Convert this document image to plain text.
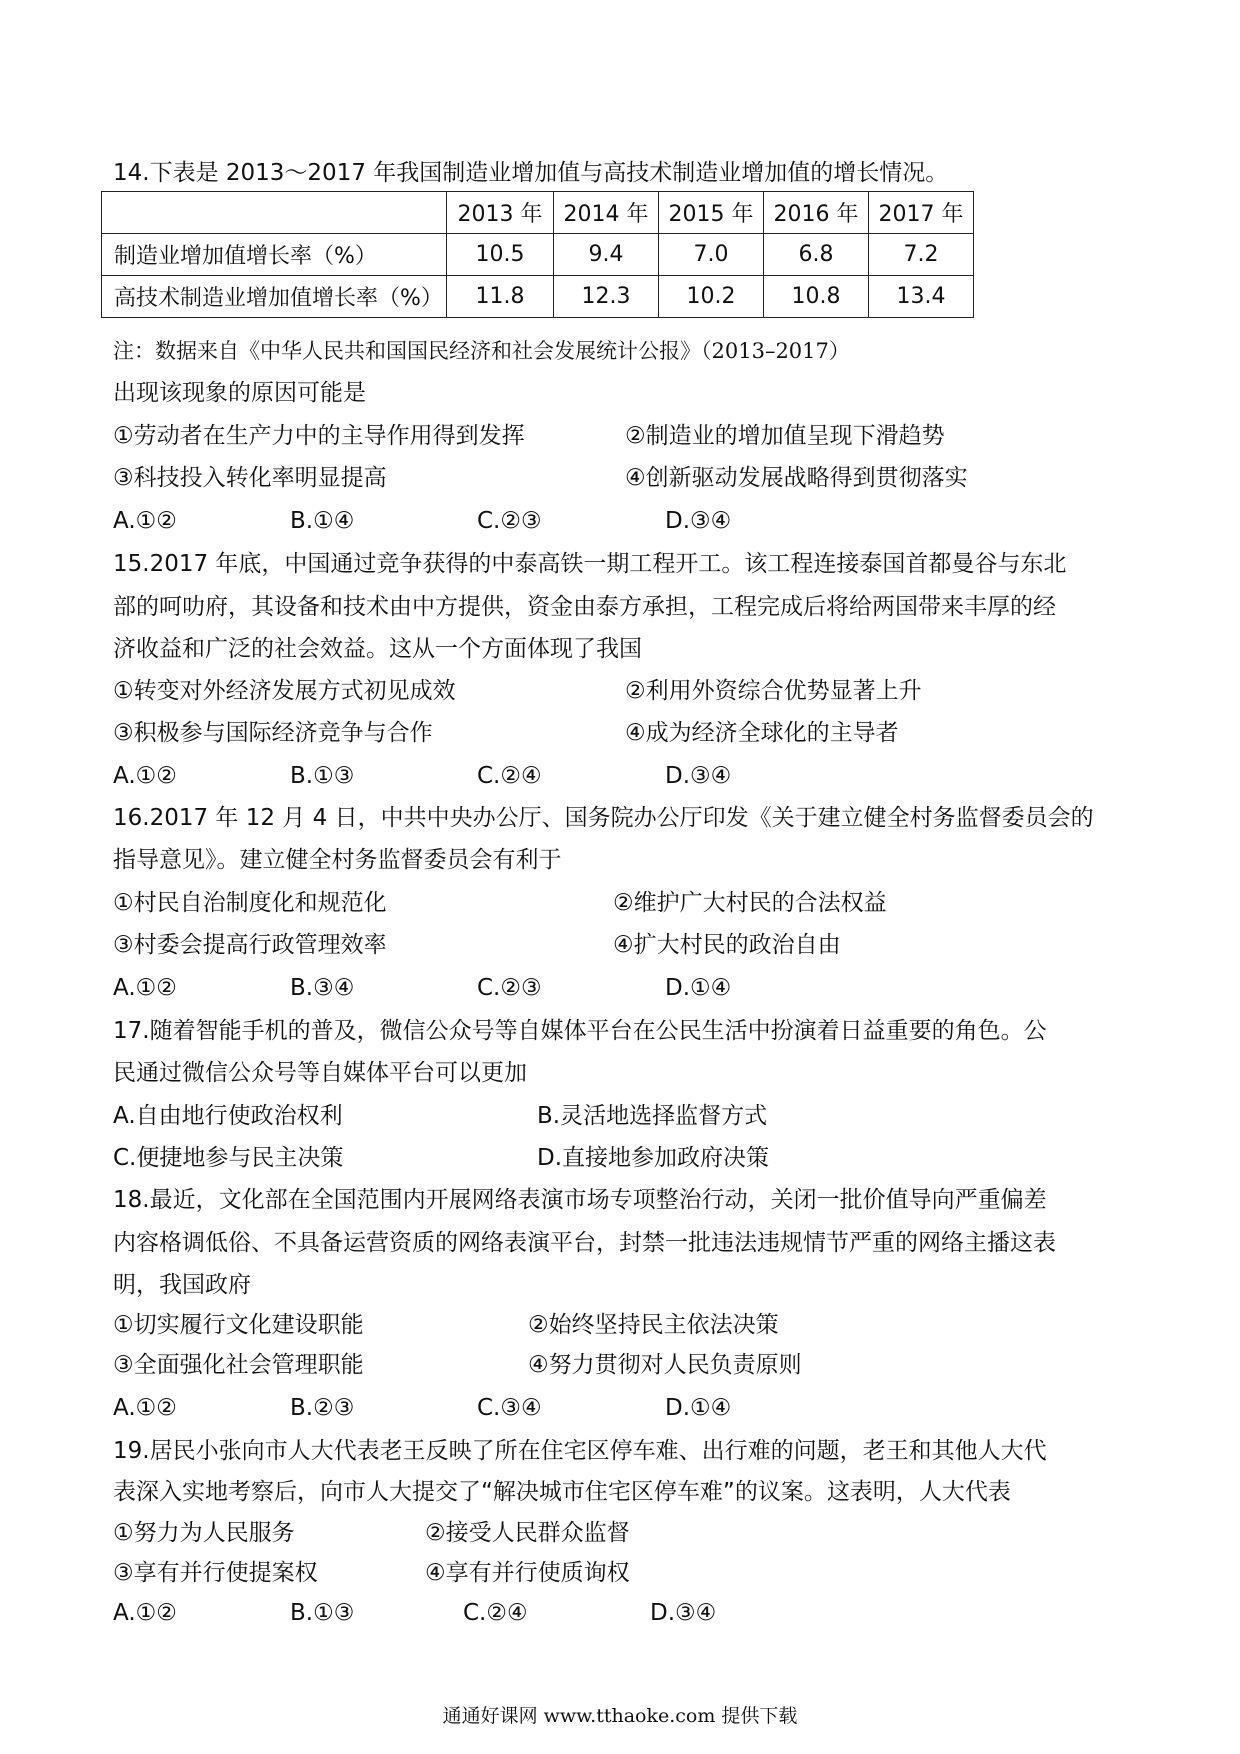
14.下表是 2013～2017 年我国制造业增加值与高技术制造业增加值的增长情况。
	2013 年	2014 年	2015 年	2016 年	2017 年
制造业增加值增长率（%）	10.5	9.4	7.0	6.8	7.2
高技术制造业增加值增长率（%）	11.8	12.3	10.2	10.8	13.4
注：数据来自《中华人民共和国国民经济和社会发展统计公报》（2013–2017）
出现该现象的原因可能是
①劳动者在生产力中的主导作用得到发挥	②制造业的增加值呈现下滑趋势
③科技投入转化率明显提高	④创新驱动发展战略得到贯彻落实
A.①②	B.①④	C.②③	D.③④
15.2017 年底，中国通过竞争获得的中泰高铁一期工程开工。该工程连接泰国首都曼谷与东北
部的呵叻府，其设备和技术由中方提供，资金由泰方承担，工程完成后将给两国带来丰厚的经
济收益和广泛的社会效益。这从一个方面体现了我国
①转变对外经济发展方式初见成效	②利用外资综合优势显著上升
③积极参与国际经济竞争与合作	④成为经济全球化的主导者
A.①②	B.①③	C.②④	D.③④
16.2017 年 12 月 4 日，中共中央办公厅、国务院办公厅印发《关于建立健全村务监督委员会的
指导意见》。建立健全村务监督委员会有利于
①村民自治制度化和规范化	②维护广大村民的合法权益
③村委会提高行政管理效率	④扩大村民的政治自由
A.①②	B.③④	C.②③	D.①④
17.随着智能手机的普及，微信公众号等自媒体平台在公民生活中扮演着日益重要的角色。公
民通过微信公众号等自媒体平台可以更加
A.自由地行使政治权利	B.灵活地选择监督方式
C.便捷地参与民主决策	D.直接地参加政府决策
18.最近，文化部在全国范围内开展网络表演市场专项整治行动，关闭一批价值导向严重偏差
内容格调低俗、不具备运营资质的网络表演平台，封禁一批违法违规情节严重的网络主播这表
明，我国政府
①切实履行文化建设职能	②始终坚持民主依法决策
③全面强化社会管理职能	④努力贯彻对人民负责原则
A.①②	B.②③	C.③④	D.①④
19.居民小张向市人大代表老王反映了所在住宅区停车难、出行难的问题，老王和其他人大代
表深入实地考察后，向市人大提交了“解决城市住宅区停车难”的议案。这表明，人大代表
①努力为人民服务	②接受人民群众监督
③享有并行使提案权	④享有并行使质询权
A.①②	B.①③	C.②④	D.③④
通通好课网 www.tthaoke.com 提供下载
